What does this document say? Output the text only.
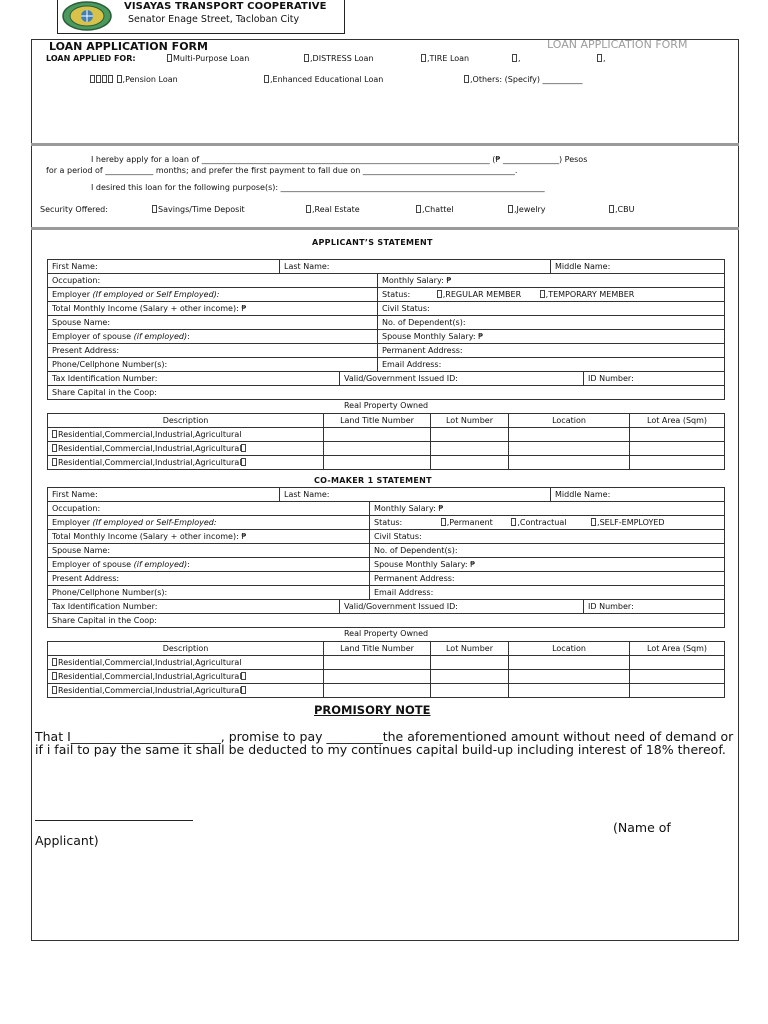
VISAYAS TRANSPORT COOPERATIVE
Senator Enage Street, Tacloban City
LOAN APPLICATION FORM	LOAN APPLICATION FORM
LOAN APPLIED FOR:	Multi-Purpose Loan	,DISTRESS Loan	,TIRE Loan	,	,
,Pension Loan	,Enhanced Educational Loan	,Others: (Specify) __________
I hereby apply for a loan of ________________________________________________________________________ (₱ ______________) Pesos
for a period of ____________ months; and prefer the first payment to fall due on ______________________________________.
I desired this loan for the following purpose(s): __________________________________________________________________
Security Offered:	Savings/Time Deposit	,Real Estate	,Chattel	,Jewelry	,CBU
APPLICANT’S STATEMENT
First Name:	Last Name:			Middle Name:	
Occupation:			Monthly Salary: ₱		
Employer (If employed or Self Employed):			Status: ,REGULAR MEMBER ,TEMPORARY MEMBER		
Total Monthly Income (Salary + other income): ₱			Civil Status:		
Spouse Name:			No. of Dependent(s):		
Employer of spouse (if employed):			Spouse Monthly Salary: ₱		
Present Address:			Permanent Address:		
Phone/Cellphone Number(s):			Email Address:		
Tax Identification Number:		Valid/Government Issued ID:			ID Number:
Share Capital in the Coop:					
Real Property Owned				
Description	Land Title Number	Lot Number	Location	Lot Area (Sqm)
Residential,Commercial,Industrial,Agricultural				
Residential,Commercial,Industrial,Agricultural				
Residential,Commercial,Industrial,Agricultural				
CO-MAKER 1 STATEMENT
First Name:	Last Name:			Middle Name:	
Occupation:			Monthly Salary: ₱		
Employer (If employed or Self-Employed:			Status: ,Permanent ,Contractual ,SELF-EMPLOYED		
Total Monthly Income (Salary + other income): ₱			Civil Status:		
Spouse Name:			No. of Dependent(s):		
Employer of spouse (if employed):			Spouse Monthly Salary: ₱		
Present Address:			Permanent Address:		
Phone/Cellphone Number(s):			Email Address:		
Tax Identification Number:		Valid/Government Issued ID:			ID Number:
Share Capital in the Coop:					
Real Property Owned				
Description	Land Title Number	Lot Number	Location	Lot Area (Sqm)
Residential,Commercial,Industrial,Agricultural				
Residential,Commercial,Industrial,Agricultural				
Residential,Commercial,Industrial,Agricultural				
PROMISORY NOTE
That I________________________, promise to pay _________the aforementioned amount without need of demand or if i fail to pay the same it shall be deducted to my continues capital build-up including interest of 18% thereof.
(Name of
Applicant)
